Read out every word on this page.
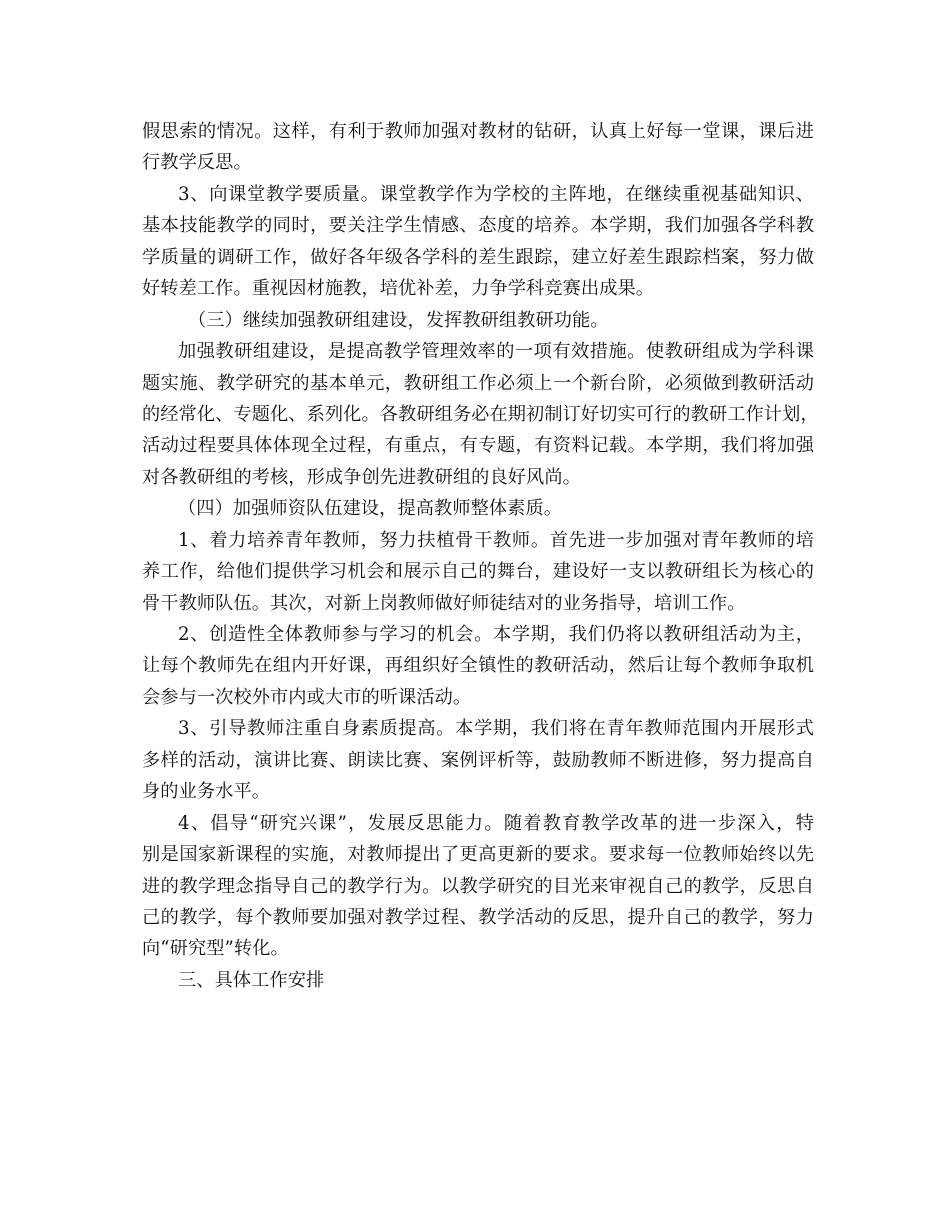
假思索的情况。这样，有利于教师加强对教材的钻研，认真上好每一堂课，课后进
行教学反思。
3、向课堂教学要质量。课堂教学作为学校的主阵地，在继续重视基础知识、
基本技能教学的同时，要关注学生情感、态度的培养。本学期，我们加强各学科教
学质量的调研工作，做好各年级各学科的差生跟踪，建立好差生跟踪档案，努力做
好转差工作。重视因材施教，培优补差，力争学科竞赛出成果。
（三）继续加强教研组建设，发挥教研组教研功能。
加强教研组建设，是提高教学管理效率的一项有效措施。使教研组成为学科课
题实施、教学研究的基本单元，教研组工作必须上一个新台阶，必须做到教研活动
的经常化、专题化、系列化。各教研组务必在期初制订好切实可行的教研工作计划，
活动过程要具体体现全过程，有重点，有专题，有资料记载。本学期，我们将加强
对各教研组的考核，形成争创先进教研组的良好风尚。
（四）加强师资队伍建设，提高教师整体素质。
1、着力培养青年教师，努力扶植骨干教师。首先进一步加强对青年教师的培
养工作，给他们提供学习机会和展示自己的舞台，建设好一支以教研组长为核心的
骨干教师队伍。其次，对新上岗教师做好师徒结对的业务指导，培训工作。
2、创造性全体教师参与学习的机会。本学期，我们仍将以教研组活动为主，
让每个教师先在组内开好课，再组织好全镇性的教研活动，然后让每个教师争取机
会参与一次校外市内或大市的听课活动。
3、引导教师注重自身素质提高。本学期，我们将在青年教师范围内开展形式
多样的活动，演讲比赛、朗读比赛、案例评析等，鼓励教师不断进修，努力提高自
身的业务水平。
4、倡导“研究兴课”，发展反思能力。随着教育教学改革的进一步深入，特
别是国家新课程的实施，对教师提出了更高更新的要求。要求每一位教师始终以先
进的教学理念指导自己的教学行为。以教学研究的目光来审视自己的教学，反思自
己的教学，每个教师要加强对教学过程、教学活动的反思，提升自己的教学，努力
向“研究型”转化。
三、具体工作安排
